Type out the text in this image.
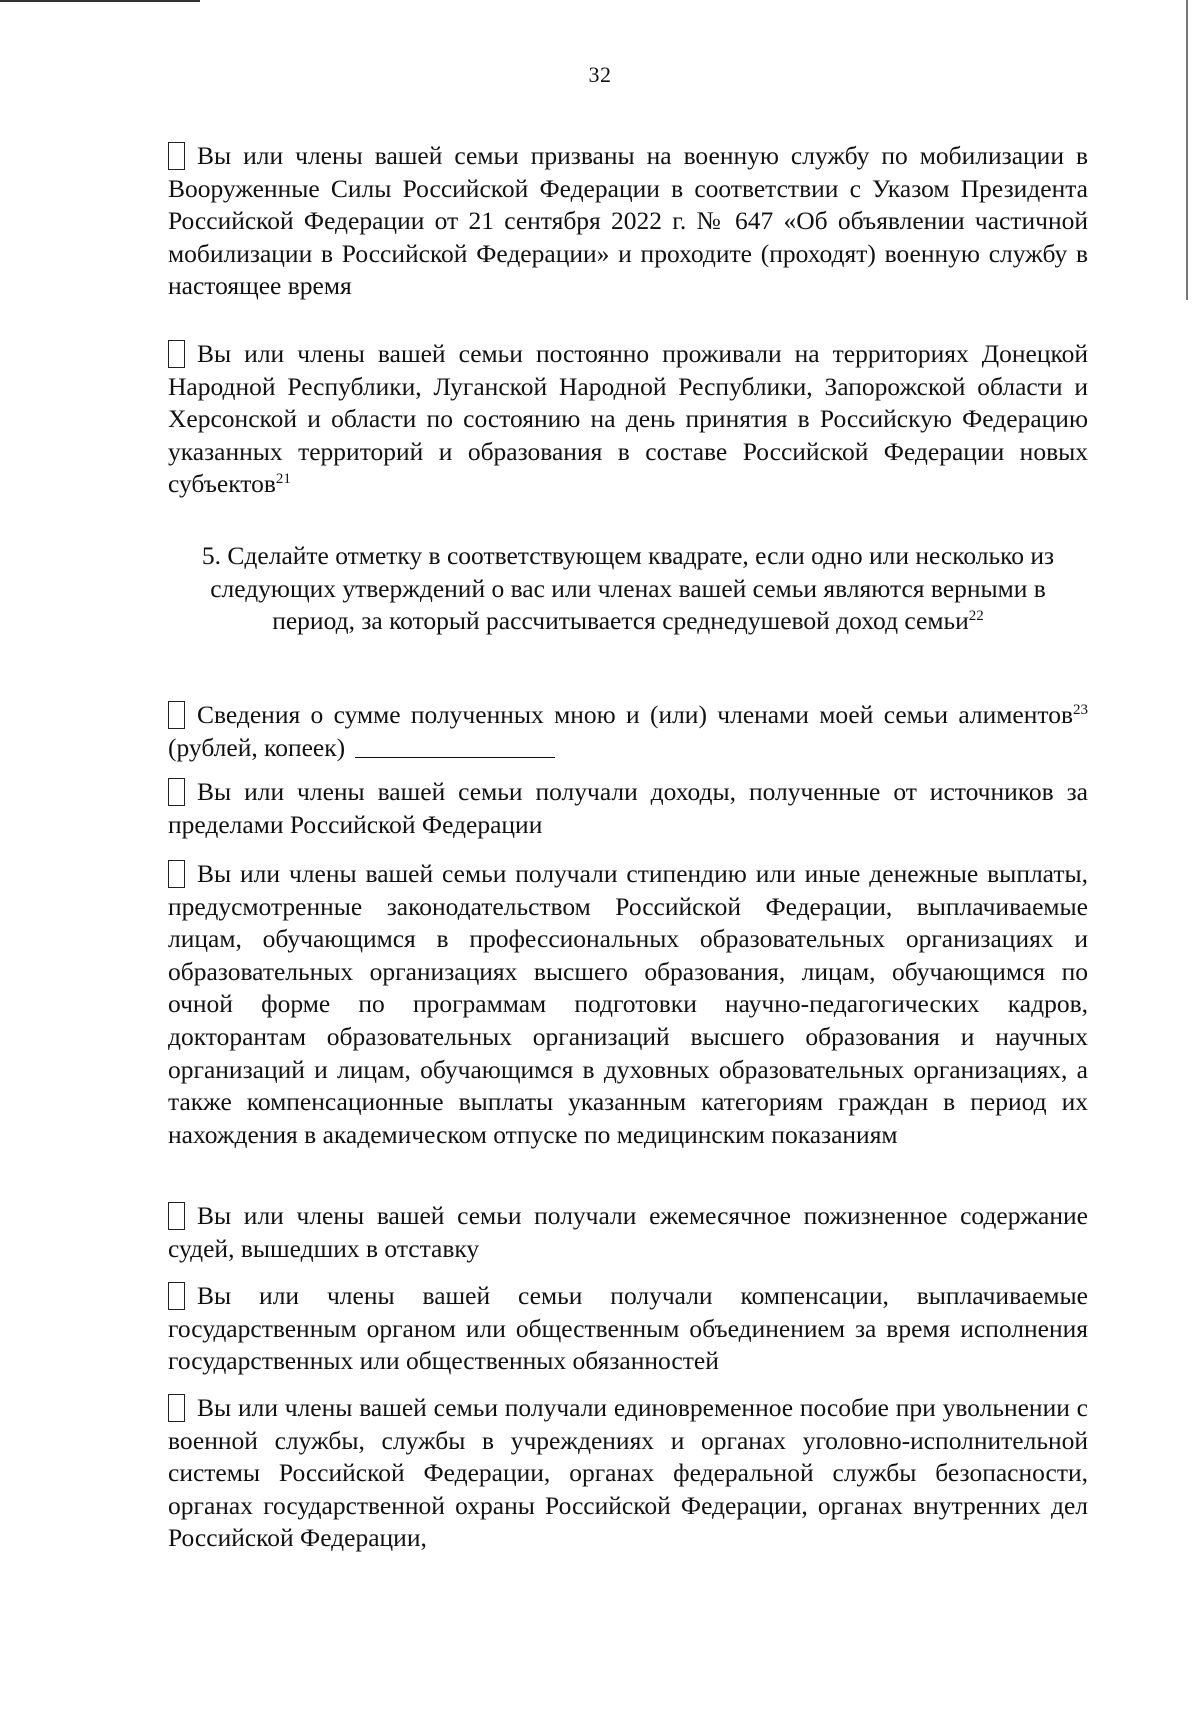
32
Вы или члены вашей семьи призваны на военную службу по мобилизации в Вооруженные Силы Российской Федерации в соответствии с Указом Президента Российской Федерации от 21 сентября 2022 г. № 647 «Об объявлении частичной мобилизации в Российской Федерации» и проходите (проходят) военную службу в настоящее время
Вы или члены вашей семьи постоянно проживали на территориях Донецкой Народной Республики, Луганской Народной Республики, Запорожской области и Херсонской и области по состоянию на день принятия в Российскую Федерацию указанных территорий и образования в составе Российской Федерации новых субъектов$^{21}$
5. Сделайте отметку в соответствующем квадрате, если одно или несколько из следующих утверждений о вас или членах вашей семьи являются верными в период, за который рассчитывается среднедушевой доход семьи$^{22}$
Сведения о сумме полученных мною и (или) членами моей семьи алиментов$^{23}$ (рублей, копеек)
Вы или члены вашей семьи получали доходы, полученные от источников за пределами Российской Федерации
Вы или члены вашей семьи получали стипендию или иные денежные выплаты, предусмотренные законодательством Российской Федерации, выплачиваемые лицам, обучающимся в профессиональных образовательных организациях и образовательных организациях высшего образования, лицам, обучающимся по очной форме по программам подготовки научно-педагогических кадров, докторантам образовательных организаций высшего образования и научных организаций и лицам, обучающимся в духовных образовательных организациях, а также компенсационные выплаты указанным категориям граждан в период их нахождения в академическом отпуске по медицинским показаниям
Вы или члены вашей семьи получали ежемесячное пожизненное содержание судей, вышедших в отставку
Вы или члены вашей семьи получали компенсации, выплачиваемые государственным органом или общественным объединением за время исполнения государственных или общественных обязанностей
Вы или члены вашей семьи получали единовременное пособие при увольнении с военной службы, службы в учреждениях и органах уголовно-исполнительной системы Российской Федерации, органах федеральной службы безопасности, органах государственной охраны Российской Федерации, органах внутренних дел Российской Федерации,
